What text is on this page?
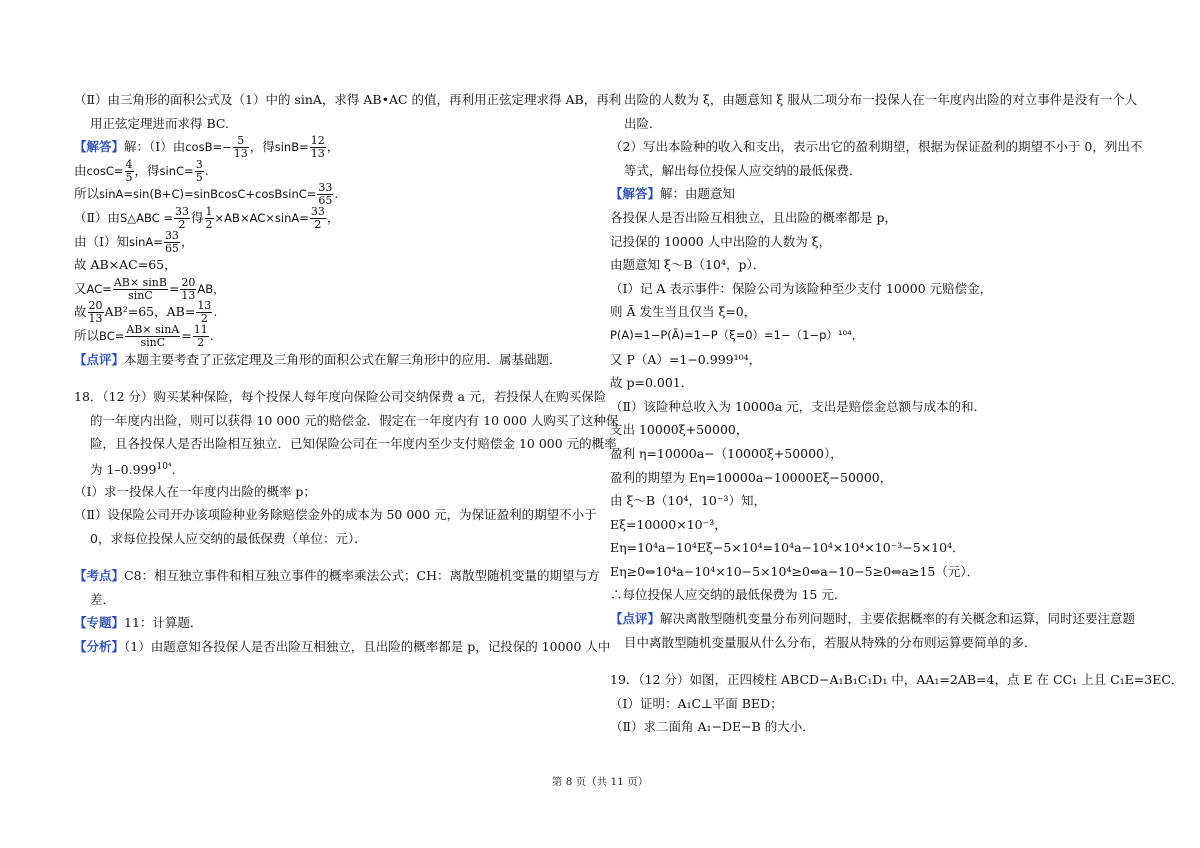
（Ⅱ）由三角形的面积公式及（1）中的 sinA，求得 AB•AC 的值，再利用正弦定理求得 AB，再利
用正弦定理进而求得 BC.
【解答】解：（Ⅰ）由$\cos B=- \frac{5}{13}$ ，得$\sin B= \frac{12}{13}$ ，
由$\cos C= \frac{4}{5}$ ，得$\sin C= \frac{3}{5}$ .
所以sinA=sin(B+C)=sinBcosC+cosBsinC= $\frac{33}{65}$ .
（Ⅱ）由S△ABC = $\frac{33}{2}$ 得 $\frac{1}{2} \times AB\times AC\times\sin A= \frac{33}{2}$ ，
由（Ⅰ）知$\sin A= \frac{33}{65}$ ，
故 AB×AC=65，
又$AC= \frac{AB\times \sin B}{\sin C} = \frac{20}{13}$ AB，
故 $\frac{20}{13} AB^2=65$，$AB= \frac{13}{2}$ .
所以$BC= \frac{AB\times \sin A}{\sin C} = \frac{11}{2}$ .
【点评】本题主要考查了正弦定理及三角形的面积公式在解三角形中的应用．属基础题．
18．（12 分）购买某种保险，每个投保人每年度向保险公司交纳保费 a 元，若投保人在购买保险
的一年度内出险，则可以获得 10 000 元的赔偿金．假定在一年度内有 10 000 人购买了这种保
险，且各投保人是否出险相互独立．已知保险公司在一年度内至少支付赔偿金 10 000 元的概率
为 $1-0.999^{10^4}$.
（Ⅰ）求一投保人在一年度内出险的概率 p；
（Ⅱ）设保险公司开办该项险种业务除赔偿金外的成本为 50 000 元，为保证盈利的期望不小于
0，求每位投保人应交纳的最低保费（单位：元）．
【考点】C8：相互独立事件和相互独立事件的概率乘法公式；CH：离散型随机变量的期望与方
差．
【专题】11：计算题．
【分析】（1）由题意知各投保人是否出险互相独立，且出险的概率都是 p，记投保的 10000 人中
出险的人数为 ξ，由题意知 ξ 服从二项分布一投保人在一年度内出险的对立事件是没有一个人
出险．
（2）写出本险种的收入和支出，表示出它的盈利期望，根据为保证盈利的期望不小于 0，列出不
等式，解出每位投保人应交纳的最低保费．
【解答】解：由题意知
各投保人是否出险互相独立，且出险的概率都是 p，
记投保的 10000 人中出险的人数为 ξ，
由题意知 ξ～B（10⁴，p）．
（Ⅰ）记 A 表示事件：保险公司为该险种至少支付 10000 元赔偿金，
则 Ā 发生当且仅当 ξ=0，
P(A)=1−P(Ā)=1−P（ξ=0）=1−（1−p）¹⁰⁴，
又 P（A）=1−0.999¹⁰⁴，
故 p=0.001．
（Ⅱ）该险种总收入为 10000a 元，支出是赔偿金总额与成本的和．
支出 10000ξ+50000，
盈利 η=10000a−（10000ξ+50000），
盈利的期望为 Eη=10000a−10000Eξ−50000，
由 ξ～B（10⁴，10⁻³）知，
Eξ=10000×10⁻³，
Eη=10⁴a−10⁴Eξ−5×10⁴=10⁴a−10⁴×10⁴×10⁻³−5×10⁴．
Eη≥0⇔10⁴a−10⁴×10−5×10⁴≥0⇔a−10−5≥0⇔a≥15（元）．
∴每位投保人应交纳的最低保费为 15 元．
【点评】解决离散型随机变量分布列问题时，主要依据概率的有关概念和运算，同时还要注意题
目中离散型随机变量服从什么分布，若服从特殊的分布则运算要简单的多．
19．（12 分）如图，正四棱柱 ABCD−A₁B₁C₁D₁ 中，AA₁=2AB=4，点 E 在 CC₁ 上且 C₁E=3EC．
（Ⅰ）证明：A₁C⊥平面 BED；
（Ⅱ）求二面角 A₁−DE−B 的大小．
第 8 页（共 11 页）
